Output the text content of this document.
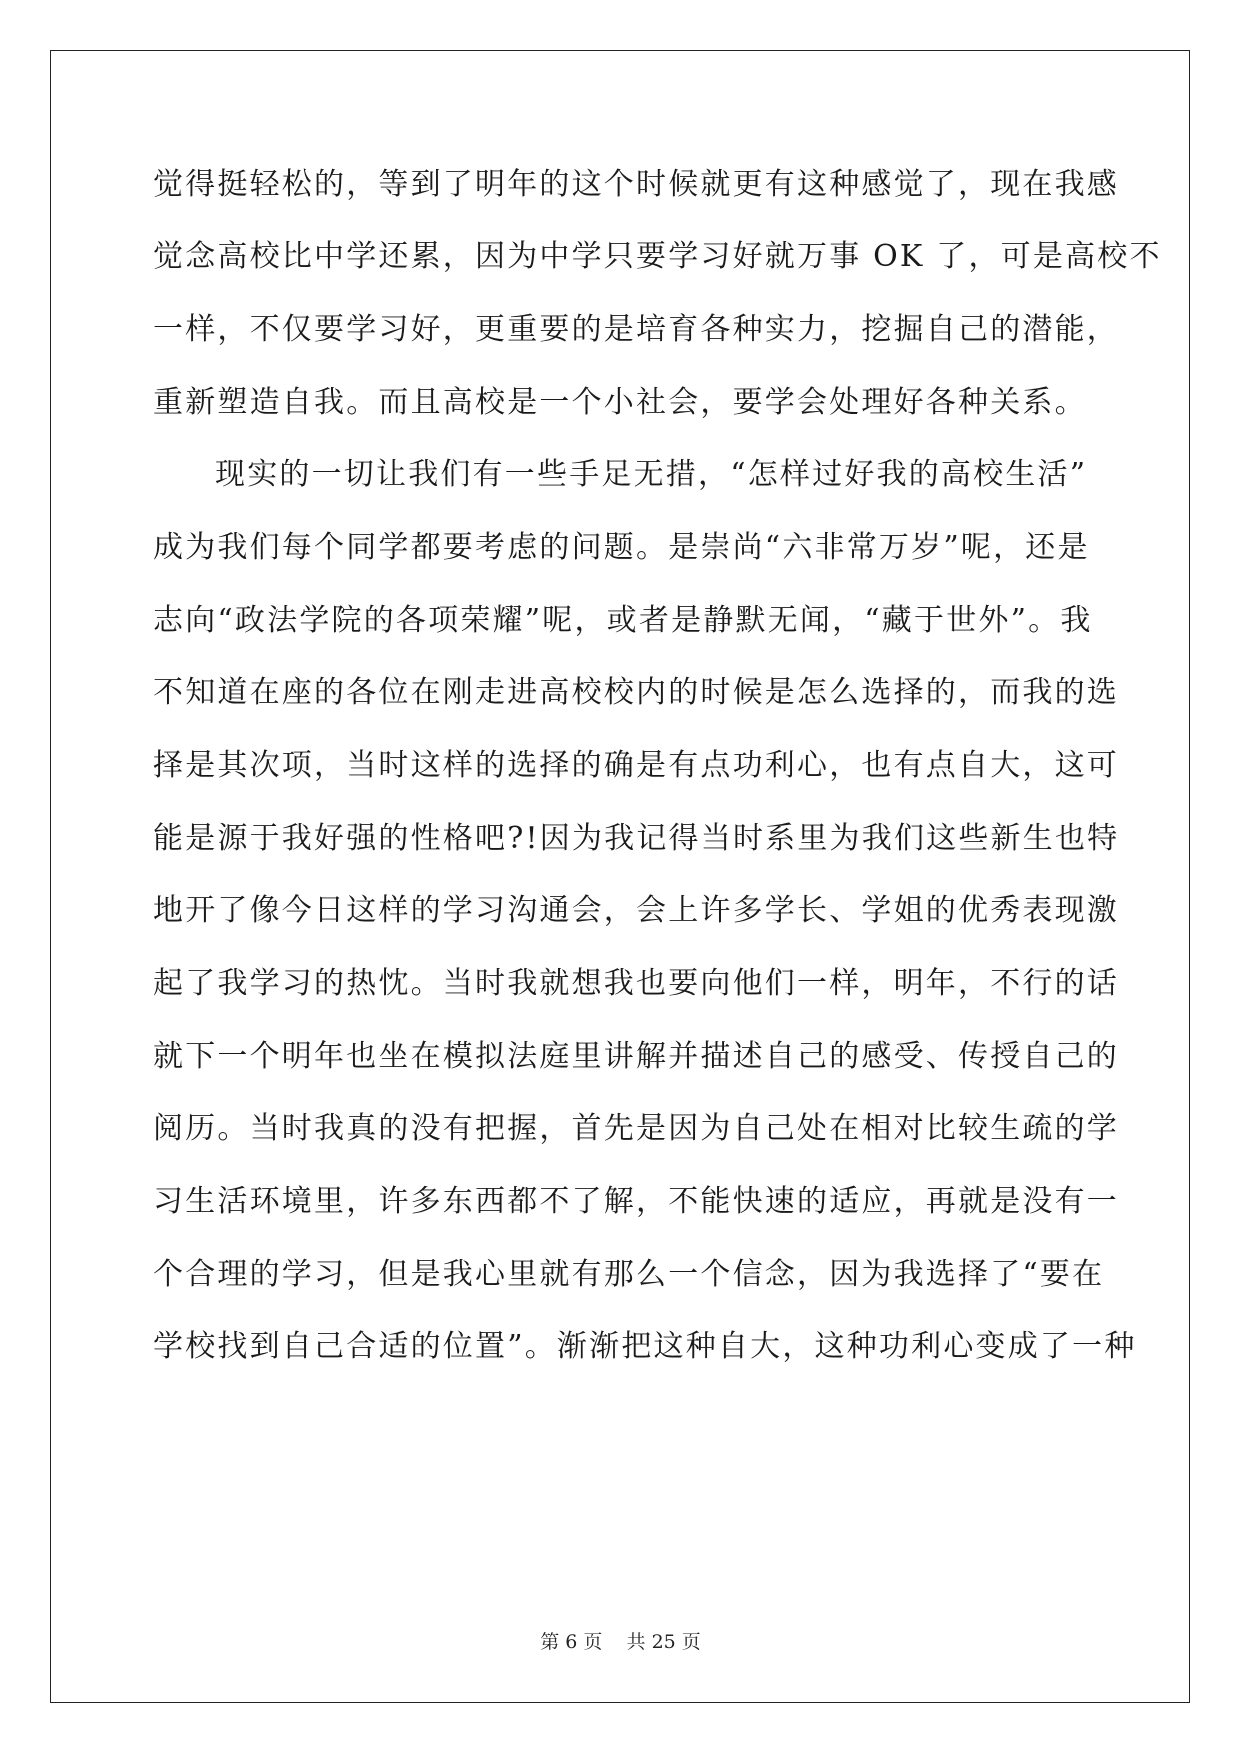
觉得挺轻松的，等到了明年的这个时候就更有这种感觉了，现在我感
觉念高校比中学还累，因为中学只要学习好就万事 OK 了，可是高校不
一样，不仅要学习好，更重要的是培育各种实力，挖掘自己的潜能，
重新塑造自我。而且高校是一个小社会，要学会处理好各种关系。
现实的一切让我们有一些手足无措，“怎样过好我的高校生活”
成为我们每个同学都要考虑的问题。是崇尚“六非常万岁”呢，还是
志向“政法学院的各项荣耀”呢，或者是静默无闻，“藏于世外”。我
不知道在座的各位在刚走进高校校内的时候是怎么选择的，而我的选
择是其次项，当时这样的选择的确是有点功利心，也有点自大，这可
能是源于我好强的性格吧?!因为我记得当时系里为我们这些新生也特
地开了像今日这样的学习沟通会，会上许多学长、学姐的优秀表现激
起了我学习的热忱。当时我就想我也要向他们一样，明年，不行的话
就下一个明年也坐在模拟法庭里讲解并描述自己的感受、传授自己的
阅历。当时我真的没有把握，首先是因为自己处在相对比较生疏的学
习生活环境里，许多东西都不了解，不能快速的适应，再就是没有一
个合理的学习，但是我心里就有那么一个信念，因为我选择了“要在
学校找到自己合适的位置”。渐渐把这种自大，这种功利心变成了一种
第 6 页    共 25 页
